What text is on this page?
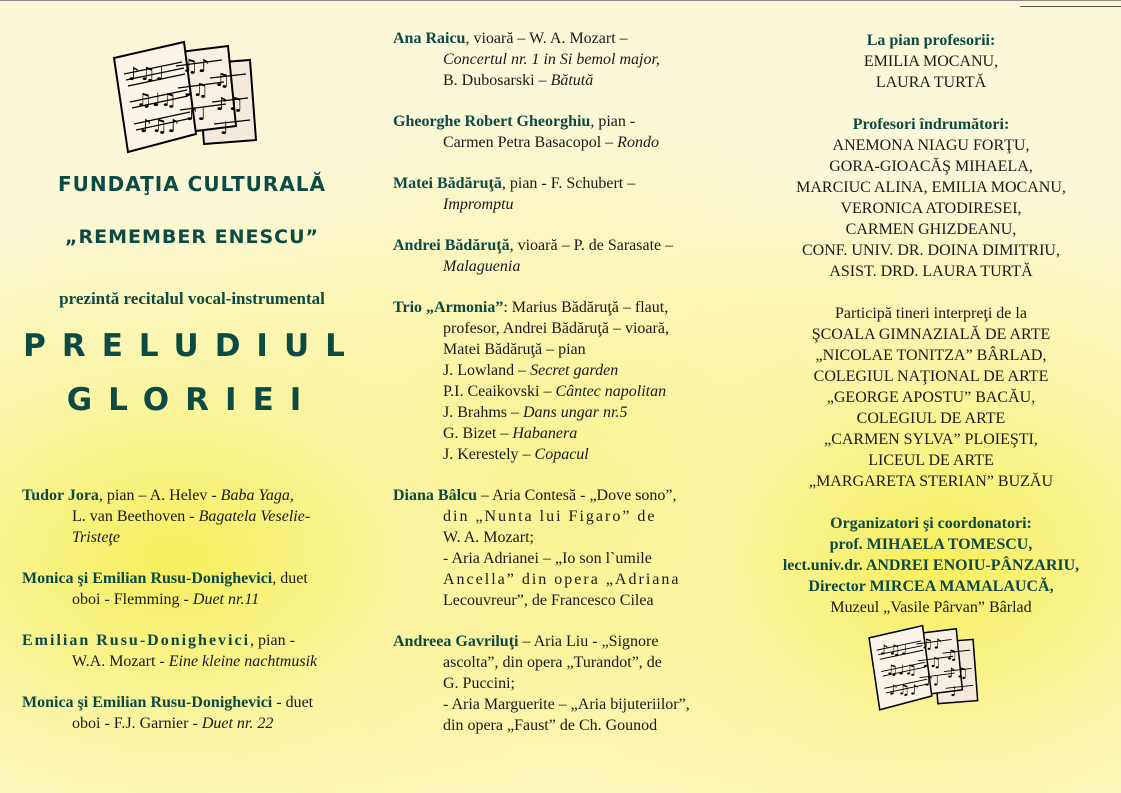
♪♫♩
♫♩♫
♪♫♪
♫♪
♩♫
♪♩
♫
♪♫
♩
FUNDAŢIA CULTURALĂ
„REMEMBER ENESCU”
prezintă recitalul vocal-instrumental
PRELUDIUL
GLORIEI
Tudor Jora, pian – A. Helev - Baba Yaga,
L. van Beethoven - Bagatela Veselie-
Tristeţe
Monica şi Emilian Rusu-Donighevici, duet
oboi - Flemming - Duet nr.11
Emilian Rusu-Donighevici, pian -
W.A. Mozart - Eine kleine nachtmusik
Monica şi Emilian Rusu-Donighevici - duet
oboi - F.J. Garnier - Duet nr. 22
Ana Raicu, vioară – W. A. Mozart –
Concertul nr. 1 in Si bemol major,
B. Dubosarski – Bătută
Gheorghe Robert Gheorghiu, pian -
Carmen Petra Basacopol – Rondo
Matei Bădăruţă, pian - F. Schubert –
Impromptu
Andrei Bădăruţă, vioară – P. de Sarasate –
Malaguenia
Trio „Armonia”: Marius Bădăruţă – flaut,
profesor, Andrei Bădăruţă – vioară,
Matei Bădăruţă – pian
J. Lowland – Secret garden
P.I. Ceaikovski – Cântec napolitan
J. Brahms – Dans ungar nr.5
G. Bizet – Habanera
J. Kerestely – Copacul
Diana Bâlcu – Aria Contesă - „Dove sono”,
din „Nunta lui Figaro” de
W. A. Mozart;
- Aria Adrianei – „Io son l`umile
Ancella” din opera „Adriana
Lecouvreur”, de Francesco Cilea
Andreea Gavriluţi – Aria Liu - „Signore
ascolta”, din opera „Turandot”, de
G. Puccini;
- Aria Marguerite – „Aria bijuteriilor”,
din opera „Faust” de Ch. Gounod

La pian profesorii:

EMILIA MOCANU,

LAURA TURTĂ

Profesori îndrumători:

ANEMONA NIAGU FORŢU,

GORA-GIOACĂŞ MIHAELA,

MARCIUC ALINA, EMILIA MOCANU,

VERONICA ATODIRESEI,

CARMEN GHIZDEANU,

CONF. UNIV. DR. DOINA DIMITRIU,

ASIST. DRD. LAURA TURTĂ

Participă tineri interpreţi de la

ŞCOALA GIMNAZIALĂ DE ARTE

„NICOLAE TONITZA” BÂRLAD,

COLEGIUL NAŢIONAL DE ARTE

„GEORGE APOSTU” BACĂU,

COLEGIUL DE ARTE

„CARMEN SYLVA” PLOIEŞTI,

LICEUL DE ARTE

„MARGARETA STERIAN” BUZĂU

Organizatori şi coordonatori:

prof. MIHAELA TOMESCU,

lect.univ.dr. ANDREI ENOIU-PÂNZARIU,

Director MIRCEA MAMALAUCĂ,

Muzeul „Vasile Pârvan” Bârlad

♪♫♩
♫♩♫
♪♫♪
♫♪
♩♫
♪♩
♫
♪♫
♩
